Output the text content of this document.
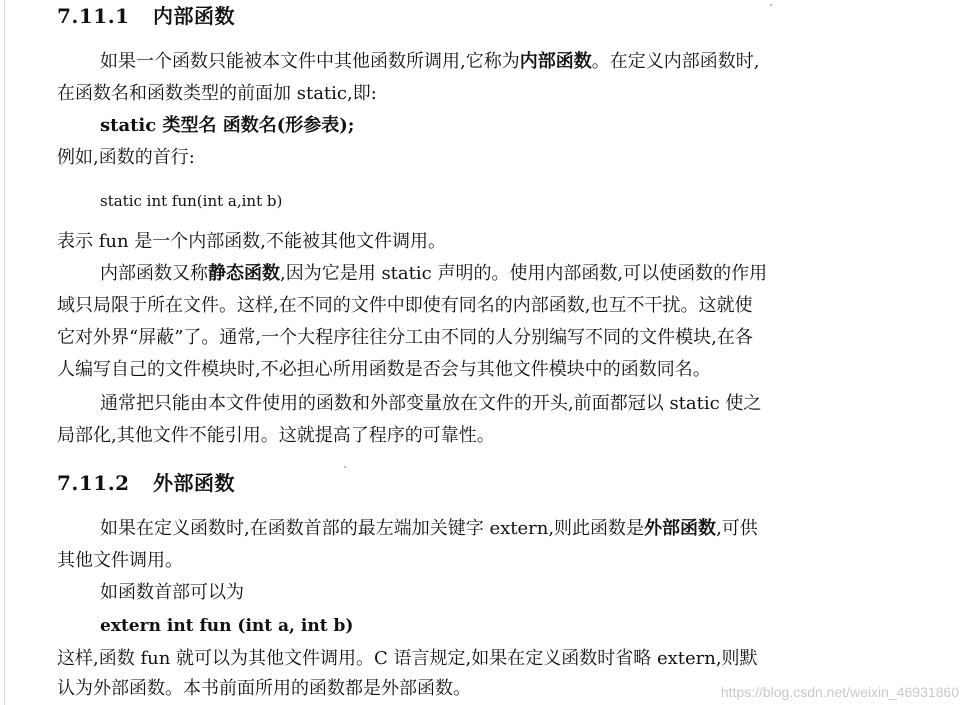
7.11.1 内部函数
如果一个函数只能被本文件中其他函数所调用,它称为内部函数。在定义内部函数时,
在函数名和函数类型的前面加 static,即:
static 类型名 函数名(形参表);
例如,函数的首行:
static int fun(int a,int b)
表示 fun 是一个内部函数,不能被其他文件调用。
内部函数又称静态函数,因为它是用 static 声明的。使用内部函数,可以使函数的作用
域只局限于所在文件。这样,在不同的文件中即使有同名的内部函数,也互不干扰。这就使
它对外界“屏蔽”了。通常,一个大程序往往分工由不同的人分别编写不同的文件模块,在各
人编写自己的文件模块时,不必担心所用函数是否会与其他文件模块中的函数同名。
通常把只能由本文件使用的函数和外部变量放在文件的开头,前面都冠以 static 使之
局部化,其他文件不能引用。这就提高了程序的可靠性。
7.11.2 外部函数
如果在定义函数时,在函数首部的最左端加关键字 extern,则此函数是外部函数,可供
其他文件调用。
如函数首部可以为
extern int fun (int a, int b)
这样,函数 fun 就可以为其他文件调用。C 语言规定,如果在定义函数时省略 extern,则默
认为外部函数。本书前面所用的函数都是外部函数。	https://blog.csdn.net/weixin_46931860
